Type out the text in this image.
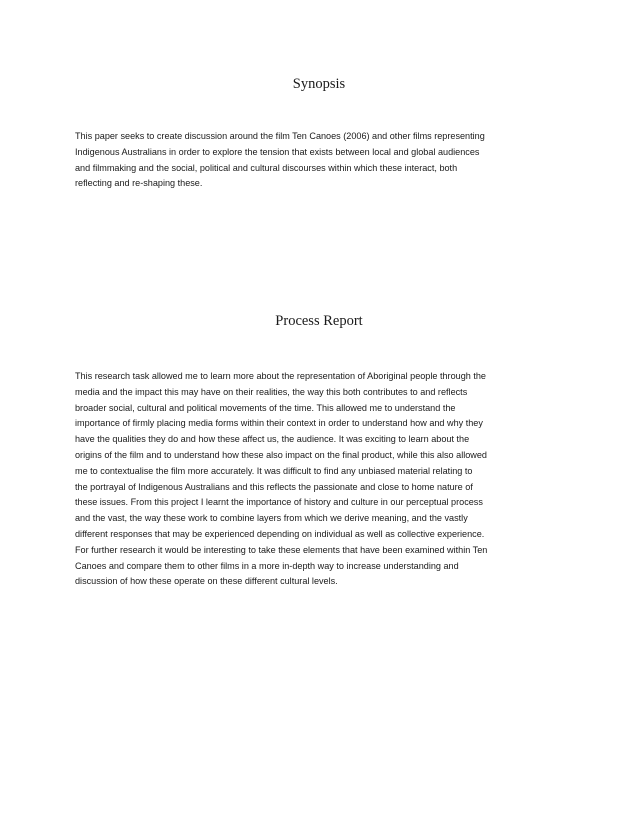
Synopsis

This paper seeks to create discussion around the film Ten Canoes (2006) and other films representing
Indigenous Australians in order to explore the tension that exists between local and global audiences
and filmmaking and the social, political and cultural discourses within which these interact, both
reflecting and re-shaping these.

Process Report

This research task allowed me to learn more about the representation of Aboriginal people through the
media and the impact this may have on their realities, the way this both contributes to and reflects
broader social, cultural and political movements of the time. This allowed me to understand the
importance of firmly placing media forms within their context in order to understand how and why they
have the qualities they do and how these affect us, the audience. It was exciting to learn about the
origins of the film and to understand how these also impact on the final product, while this also allowed
me to contextualise the film more accurately. It was difficult to find any unbiased material relating to
the portrayal of Indigenous Australians and this reflects the passionate and close to home nature of
these issues. From this project I learnt the importance of history and culture in our perceptual process
and the vast, the way these work to combine layers from which we derive meaning, and the vastly
different responses that may be experienced depending on individual as well as collective experience.
For further research it would be interesting to take these elements that have been examined within Ten
Canoes and compare them to other films in a more in-depth way to increase understanding and
discussion of how these operate on these different cultural levels.
